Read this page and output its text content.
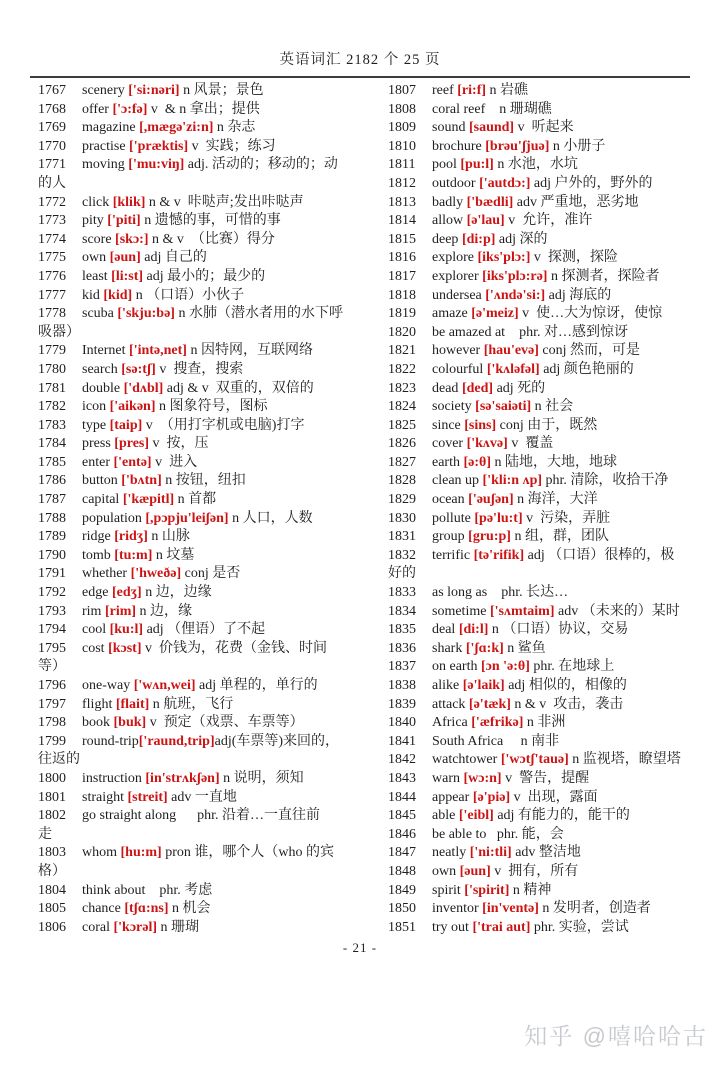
英语词汇 2182 个 25 页
1767 scenery ['si:nəri] n 风景；景色
1768 offer ['ɔ:fə] v  & n 拿出；提供
1769 magazine [,mægə'zi:n] n 杂志
1770 practise ['præktis] v  实践；练习
1771 moving ['mu:viŋ] adj. 活动的；移动的；动
的人
1772 click [klik] n & v  咔哒声;发出咔哒声
1773 pity ['piti] n 遗憾的事，可惜的事
1774 score [skɔ:] n & v  （比赛）得分
1775 own [əun] adj 自己的
1776 least [li:st] adj 最小的；最少的
1777 kid [kid] n （口语）小伙子
1778 scuba ['skju:bə] n 水肺（潜水者用的水下呼
吸器）
1779 Internet ['intə,net] n 因特网，互联网络
1780 search [sə:tʃ] v  搜查，搜索
1781 double ['dʌbl] adj & v  双重的，双倍的
1782 icon ['aikən] n 图象符号，图标
1783 type [taip] v  （用打字机或电脑)打字
1784 press [pres] v  按，压
1785 enter ['entə] v  进入
1786 button ['bʌtn] n 按钮，纽扣
1787 capital ['kæpitl] n 首都
1788 population [,pɔpju'leiʃən] n 人口，人数
1789 ridge [ridʒ] n 山脉
1790 tomb [tu:m] n 坟墓
1791 whether ['hweðə] conj 是否
1792 edge [edʒ] n 边，边缘
1793 rim [rim] n 边，缘
1794 cool [ku:l] adj （俚语）了不起
1795 cost [kɔst] v  价钱为，花费（金钱、时间
等）
1796 one-way ['wʌn,wei] adj 单程的，单行的
1797 flight [flait] n 航班，飞行
1798 book [buk] v  预定（戏票、车票等）
1799 round-trip['raund,trip]adj(车票等)来回的，
往返的
1800 instruction [in'strʌkʃən] n 说明，须知
1801 straight [streit] adv 一直地
1802 go straight along      phr. 沿着…一直往前
走
1803 whom [hu:m] pron 谁，哪个人（who 的宾
格）
1804 think about    phr. 考虑
1805 chance [tʃɑ:ns] n 机会
1806 coral ['kɔrəl] n 珊瑚
1807 reef [ri:f] n 岩礁
1808 coral reef    n 珊瑚礁
1809 sound [saund] v  听起来
1810 brochure [brəu'ʃjuə] n 小册子
1811 pool [pu:l] n 水池，水坑
1812 outdoor ['autdɔ:] adj 户外的，野外的
1813 badly ['bædli] adv 严重地，恶劣地
1814 allow [ə'lau] v  允许，准许
1815 deep [di:p] adj 深的
1816 explore [iks'plɔ:] v  探测，探险
1817 explorer [iks'plɔ:rə] n 探测者，探险者
1818 undersea ['ʌndə'si:] adj 海底的
1819 amaze [ə'meiz] v  使…大为惊讶，使惊
1820 be amazed at    phr. 对…感到惊讶
1821 however [hau'evə] conj 然而，可是
1822 colourful ['kʌləfəl] adj 颜色艳丽的
1823 dead [ded] adj 死的
1824 society [sə'saiəti] n 社会
1825 since [sins] conj 由于，既然
1826 cover ['kʌvə] v  覆盖
1827 earth [ə:θ] n 陆地，大地，地球
1828 clean up ['kli:n ʌp] phr. 清除，收拾干净
1829 ocean ['əuʃən] n 海洋，大洋
1830 pollute [pə'lu:t] v  污染，弄脏
1831 group [gru:p] n 组，群，团队
1832 terrific [tə'rifik] adj （口语）很棒的，极
好的
1833 as long as    phr. 长达…
1834 sometime ['sʌmtaim] adv （未来的）某时
1835 deal [di:l] n （口语）协议，交易
1836 shark ['ʃɑ:k] n 鲨鱼
1837 on earth [ɔn 'ə:θ] phr. 在地球上
1838 alike [ə'laik] adj 相似的，相像的
1839 attack [ə'tæk] n & v  攻击，袭击
1840 Africa ['æfrikə] n 非洲
1841 South Africa     n 南非
1842 watchtower ['wɔtʃ'tauə] n 监视塔，瞭望塔
1843 warn [wɔ:n] v  警告，提醒
1844 appear [ə'piə] v  出现，露面
1845 able ['eibl] adj 有能力的，能干的
1846 be able to   phr. 能，会
1847 neatly ['ni:tli] adv 整洁地
1848 own [əun] v  拥有，所有
1849 spirit ['spirit] n 精神
1850 inventor [in'ventə] n 发明者，创造者
1851 try out ['trai aut] phr. 实验，尝试
- 21 -
知乎 @嘻哈哈古
